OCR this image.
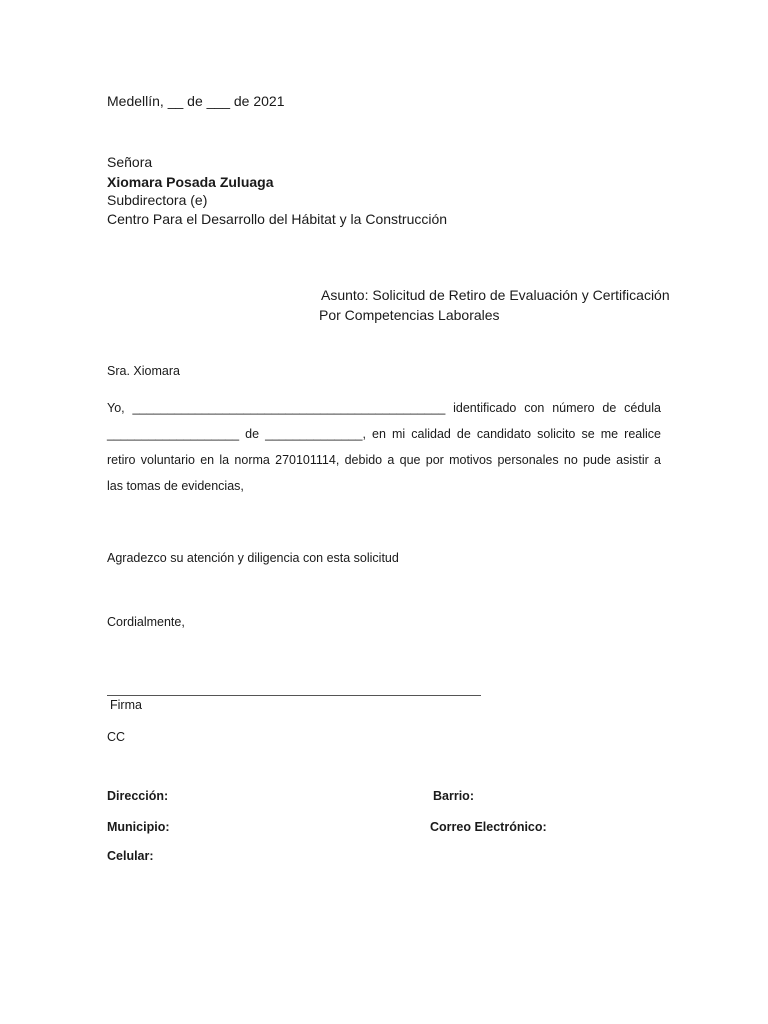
Medellín, __ de ___ de 2021

Señora

Xiomara Posada Zuluaga

Subdirectora (e)

Centro Para el Desarrollo del Hábitat y la Construcción

Asunto: Solicitud de Retiro de Evaluación y Certificación

Por Competencias Laborales

Sra. Xiomara

Yo, _____________________________________________ identificado con número de cédula

___________________ de ______________, en mi calidad de candidato solicito se me realice

retiro voluntario en la norma 270101114, debido a que por motivos personales no pude asistir a

las tomas de evidencias,

Agradezco su atención y diligencia con esta solicitud

Cordialmente,

Firma

CC

Dirección:	Barrio:

Municipio:	Correo Electrónico:

Celular:
